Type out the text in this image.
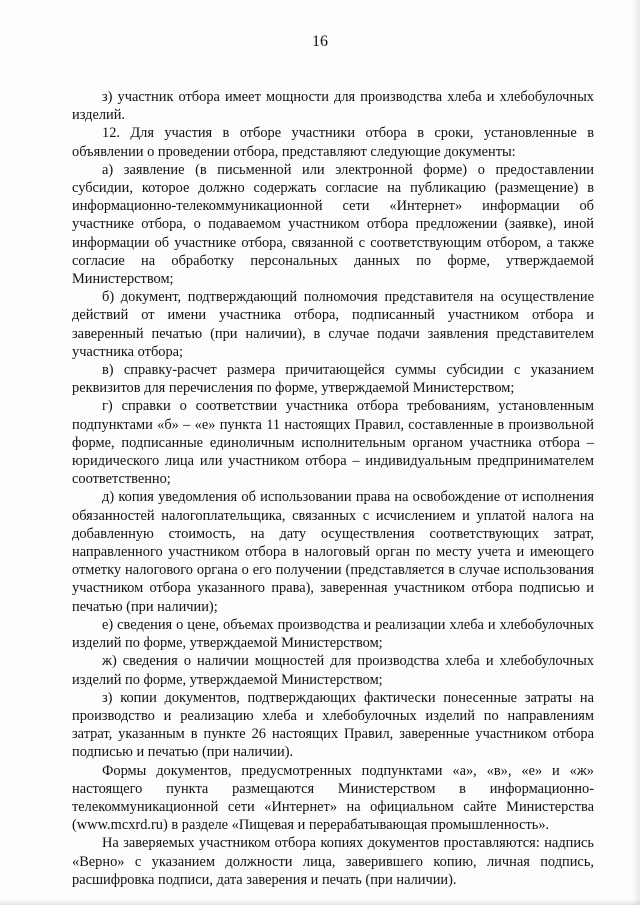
16

з) участник отбора имеет мощности для производства хлеба и хлебобулочных изделий.

12. Для участия в отборе участники отбора в сроки, установленные в объявлении о проведении отбора, представляют следующие документы:

а) заявление (в письменной или электронной форме) о предоставлении субсидии, которое должно содержать согласие на публикацию (размещение) в информационно-телекоммуникационной сети «Интернет» информации об участнике отбора, о подаваемом участником отбора предложении (заявке), иной информации об участнике отбора, связанной с соответствующим отбором, а также согласие на обработку персональных данных по форме, утверждаемой Министерством;

б) документ, подтверждающий полномочия представителя на осуществление действий от имени участника отбора, подписанный участником отбора и заверенный печатью (при наличии), в случае подачи заявления представителем участника отбора;

в) справку-расчет размера причитающейся суммы субсидии с указанием реквизитов для перечисления по форме, утверждаемой Министерством;

г) справки о соответствии участника отбора требованиям, установленным подпунктами «б» – «е» пункта 11 настоящих Правил, составленные в произвольной форме, подписанные единоличным исполнительным органом участника отбора – юридического лица или участником отбора – индивидуальным предпринимателем соответственно;

д) копия уведомления об использовании права на освобождение от исполнения обязанностей налогоплательщика, связанных с исчислением и уплатой налога на добавленную стоимость, на дату осуществления соответствующих затрат, направленного участником отбора в налоговый орган по месту учета и имеющего отметку налогового органа о его получении (представляется в случае использования участником отбора указанного права), заверенная участником отбора подписью и печатью (при наличии);

е) сведения о цене, объемах производства и реализации хлеба и хлебобулочных изделий по форме, утверждаемой Министерством;

ж) сведения о наличии мощностей для производства хлеба и хлебобулочных изделий по форме, утверждаемой Министерством;

з) копии документов, подтверждающих фактически понесенные затраты на производство и реализацию хлеба и хлебобулочных изделий по направлениям затрат, указанным в пункте 26 настоящих Правил, заверенные участником отбора подписью и печатью (при наличии).

Формы документов, предусмотренных подпунктами «а», «в», «е» и «ж» настоящего пункта размещаются Министерством в информационно-телекоммуникационной сети «Интернет» на официальном сайте Министерства (www.mcxrd.ru) в разделе «Пищевая и перерабатывающая промышленность».

На заверяемых участником отбора копиях документов проставляются: надпись «Верно» с указанием должности лица, заверившего копию, личная подпись, расшифровка подписи, дата заверения и печать (при наличии).
